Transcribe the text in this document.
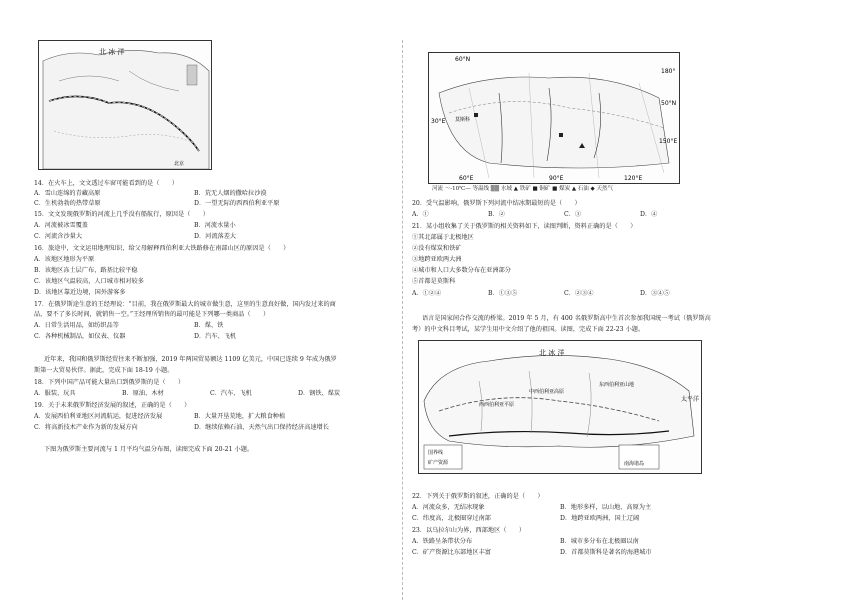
北 冰 洋
北京
14．在火车上，文文透过车窗可能看到的是（　　）
A．雪山连绵的青藏高原	B．荒无人烟的撒哈拉沙漠
C．生机勃勃的热带草原	D．一望无际的西西伯利亚平原
15．文文发现俄罗斯的河流上几乎没有船航行，原因是（　　）
A．河流被冰雪覆盖	B．河流水量小
C．河流含沙量大	D．河流落差大
16．旅途中，文文运用地理知识，给父母解释西伯利亚大铁路修在南部山区的原因是（　　）
A．该地区地形为平原
B．该地区冻土层广布，路基比较平稳
C．该地区气温较高，人口城市相对较多
D．该地区靠近边境，国外游客多
17．在俄罗斯途生意的王经理说：“目前，我在俄罗斯最大的城市做生意，这里的生意真好做，国内发过来的商
品，要不了多长时间，就销售一空。”王经理所销售的最可能是下列哪一类商品（　　）
A．日常生活用品，如纺织品等	B．煤、铁
C．各种机械制品，如仪表、仪器	D．汽车、飞机
近年来，我国和俄罗斯经贸往来不断加强，2019 年两国贸易额达 1109 亿美元，中国已连续 9 年成为俄罗
斯第一大贸易伙伴。据此，完成下面 18-19 小题。
18．下列中国产品可能大量出口到俄罗斯的是（　　）
A．服装、玩具	B．原油、木材	C．汽车、飞机	D．钢铁、煤炭
19．关于未来俄罗斯经济发展的叙述，正确的是（　　）
A．发展西伯利亚地区河流航运，促进经济发展	B．大量开垦荒地，扩大粮食种植
C．将高新技术产业作为新的发展方向	D．继续依赖石油、天然气出口保持经济高速增长
下图为俄罗斯主要河流与 1 月平均气温分布图，读图完成下面 20-21 小题。
60°N
30°E
50°N
180°
150°E
60°E	90°E	120°E
莫斯科
河流 ～-10℃— 等温线 ▒▒ 水域 ▲ 铁矿 ■ 铜矿 ■ 煤炭 ▲ 石油 ◆ 天然气
20．受气温影响，俄罗斯下列河流中结冰期最短的是（　　）
A．①	B．②	C．③	D．④
21．某小组收集了关于俄罗斯的相关资料如下，读图判断，资料正确的是（　　）
①其北部属于北极地区
②没有煤炭和铁矿
③地跨亚欧两大洲
④城市和人口大多数分布在亚洲部分
⑤首都是莫斯科
A．①②④	B．①③⑤	C．②③④	D．③④⑤
语言是国家间合作交流的桥梁。2019 年 5 月，有 400 名俄罗斯高中生首次参加我国统一考试（俄罗斯高
考）的中文科目考试，某学生用中文介绍了他的祖国。读图，完成下面 22-23 小题。
北 冰 洋
西西伯利亚平原
中西伯利亚高原
东西伯利亚山地
太平洋
国界线
矿产资源	南海诸岛
22．下列关于俄罗斯的叙述，正确的是（　　）
A．河流众多，无结冰现象	B．地形多样，以山地、高原为主
C．纬度高，北极圈穿过南部	D．地跨亚欧两洲，国土辽阔
23．以乌拉尔山为界，西部地区（　　）
A．铁路呈条带状分布	B．城市多分布在北极圈以南
C．矿产资源比东部地区丰富	D．首都莫斯科是著名的海港城市
